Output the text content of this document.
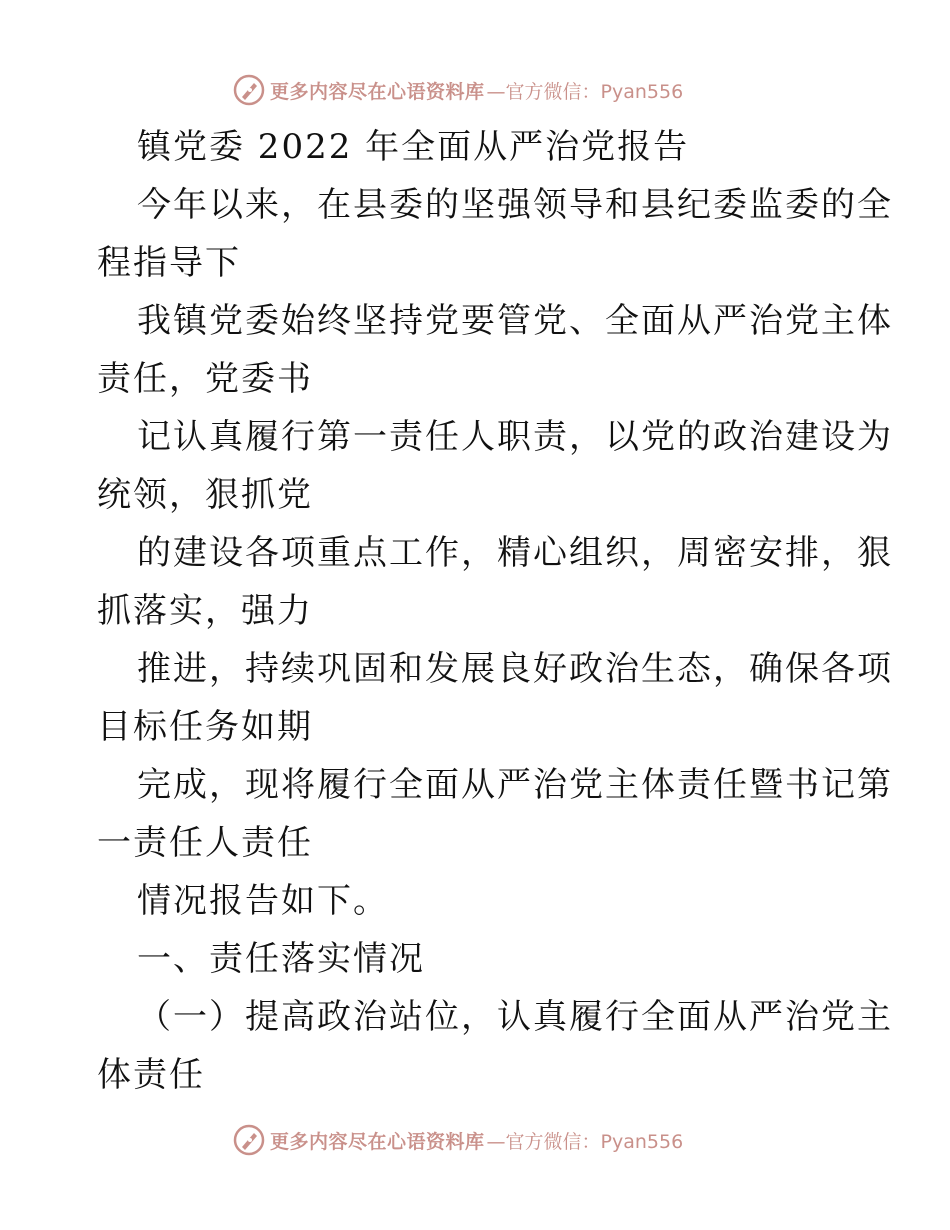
更多内容尽在心语资料库 —官方微信：Pyan556
镇党委 2022 年全面从严治党报告
今年以来，在县委的坚强领导和县纪委监委的全
程指导下
我镇党委始终坚持党要管党、全面从严治党主体
责任，党委书
记认真履行第一责任人职责，以党的政治建设为
统领，狠抓党
的建设各项重点工作，精心组织，周密安排，狠
抓落实，强力
推进，持续巩固和发展良好政治生态，确保各项
目标任务如期
完成，现将履行全面从严治党主体责任暨书记第
一责任人责任
情况报告如下。
一、责任落实情况
（一）提高政治站位，认真履行全面从严治党主
体责任
更多内容尽在心语资料库 —官方微信：Pyan556
